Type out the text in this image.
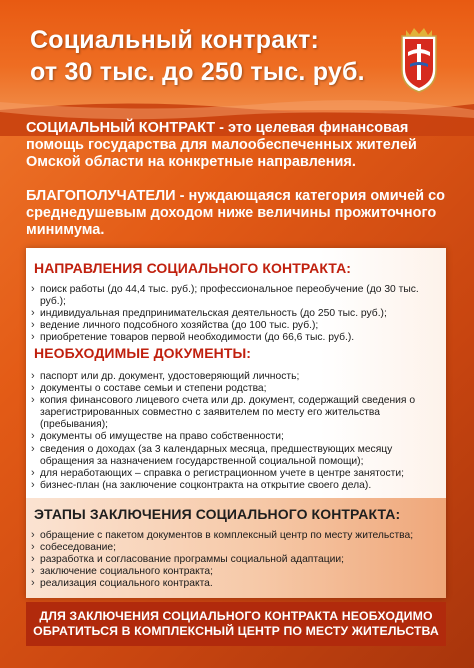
Социальный контракт:
от 30 тыс. до 250 тыс. руб.
СОЦИАЛЬНЫЙ КОНТРАКТ - это целевая финансовая помощь государства для малообеспеченных жителей Омской области на конкретные направления.
БЛАГОПОЛУЧАТЕЛИ - нуждающаяся категория омичей со среднедушевым доходом ниже величины прожиточного минимума.
НАПРАВЛЕНИЯ СОЦИАЛЬНОГО КОНТРАКТА:
› поиск работы (до 44,4 тыс. руб.); профессиональное переобучение (до 30 тыс. руб.);
› индивидуальная предпринимательская деятельность (до 250 тыс. руб.);
› ведение личного подсобного хозяйства (до 100 тыс. руб.);
› приобретение товаров первой необходимости (до 66,6 тыс. руб.).
НЕОБХОДИМЫЕ ДОКУМЕНТЫ:
› паспорт или др. документ, удостоверяющий личность;
› документы о составе семьи и степени родства;
› копия финансового лицевого счета или др. документ, содержащий сведения о зарегистрированных совместно с заявителем по месту его жительства (пребывания);
› документы об имуществе на право собственности;
› сведения о доходах (за 3 календарных месяца, предшествующих месяцу обращения за назначением государственной социальной помощи);
› для неработающих – справка о регистрационном учете в центре занятости;
› бизнес-план (на заключение соцконтракта на открытие своего дела).
ЭТАПЫ ЗАКЛЮЧЕНИЯ СОЦИАЛЬНОГО КОНТРАКТА:
› обращение с пакетом документов в комплексный центр по месту жительства;
› собеседование;
› разработка и согласование программы социальной адаптации;
› заключение социального контракта;
› реализация социального контракта.
ДЛЯ ЗАКЛЮЧЕНИЯ СОЦИАЛЬНОГО КОНТРАКТА НЕОБХОДИМО
ОБРАТИТЬСЯ В КОМПЛЕКСНЫЙ ЦЕНТР ПО МЕСТУ ЖИТЕЛЬСТВА
